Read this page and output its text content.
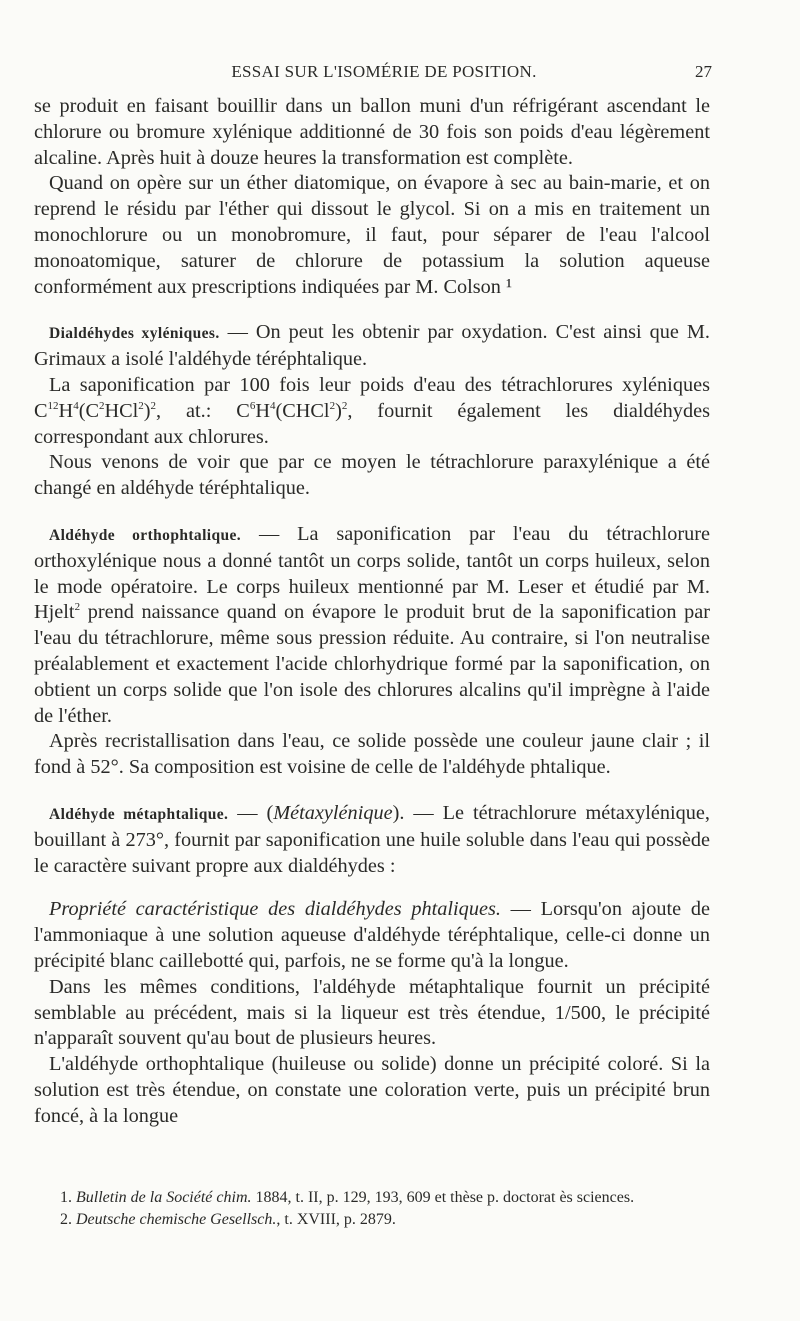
ESSAI SUR L'ISOMÉRIE DE POSITION.	27

se produit en faisant bouillir dans un ballon muni d'un réfrigérant ascendant le chlorure ou bromure xylénique additionné de 30 fois son poids d'eau légèrement alcaline. Après huit à douze heures la transformation est complète.

Quand on opère sur un éther diatomique, on évapore à sec au bain-marie, et on reprend le résidu par l'éther qui dissout le glycol. Si on a mis en traitement un monochlorure ou un monobromure, il faut, pour séparer de l'eau l'alcool monoatomique, saturer de chlorure de potassium la solution aqueuse conformément aux prescriptions indiquées par M. Colson ¹

Dialdéhydes xyléniques. — On peut les obtenir par oxydation. C'est ainsi que M. Grimaux a isolé l'aldéhyde téréphtalique.

La saponification par 100 fois leur poids d'eau des tétrachlorures xyléniques $C^{12}H^4(C^2HCl^2)^2$, at.: $C^6H^4(CHCl^2)^2$, fournit également les dialdéhydes correspondant aux chlorures.

Nous venons de voir que par ce moyen le tétrachlorure paraxylénique a été changé en aldéhyde téréphtalique.

Aldéhyde orthophtalique. — La saponification par l'eau du tétrachlorure orthoxylénique nous a donné tantôt un corps solide, tantôt un corps huileux, selon le mode opératoire. Le corps huileux mentionné par M. Leser et étudié par M. Hjelt$^2$ prend naissance quand on évapore le produit brut de la saponification par l'eau du tétrachlorure, même sous pression réduite. Au contraire, si l'on neutralise préalablement et exactement l'acide chlorhydrique formé par la saponification, on obtient un corps solide que l'on isole des chlorures alcalins qu'il imprègne à l'aide de l'éther.

Après recristallisation dans l'eau, ce solide possède une couleur jaune clair ; il fond à 52°. Sa composition est voisine de celle de l'aldéhyde phtalique.

Aldéhyde métaphtalique. — (Métaxylénique). — Le tétrachlorure métaxylénique, bouillant à 273°, fournit par saponification une huile soluble dans l'eau qui possède le caractère suivant propre aux dialdéhydes :

Propriété caractéristique des dialdéhydes phtaliques. — Lorsqu'on ajoute de l'ammoniaque à une solution aqueuse d'aldéhyde téréphtalique, celle-ci donne un précipité blanc caillebotté qui, parfois, ne se forme qu'à la longue.

Dans les mêmes conditions, l'aldéhyde métaphtalique fournit un précipité semblable au précédent, mais si la liqueur est très étendue, 1/500, le précipité n'apparaît souvent qu'au bout de plusieurs heures.

L'aldéhyde orthophtalique (huileuse ou solide) donne un précipité coloré. Si la solution est très étendue, on constate une coloration verte, puis un précipité brun foncé, à la longue

1. Bulletin de la Société chim. 1884, t. II, p. 129, 193, 609 et thèse p. doctorat ès sciences.

2. Deutsche chemische Gesellsch., t. XVIII, p. 2879.
